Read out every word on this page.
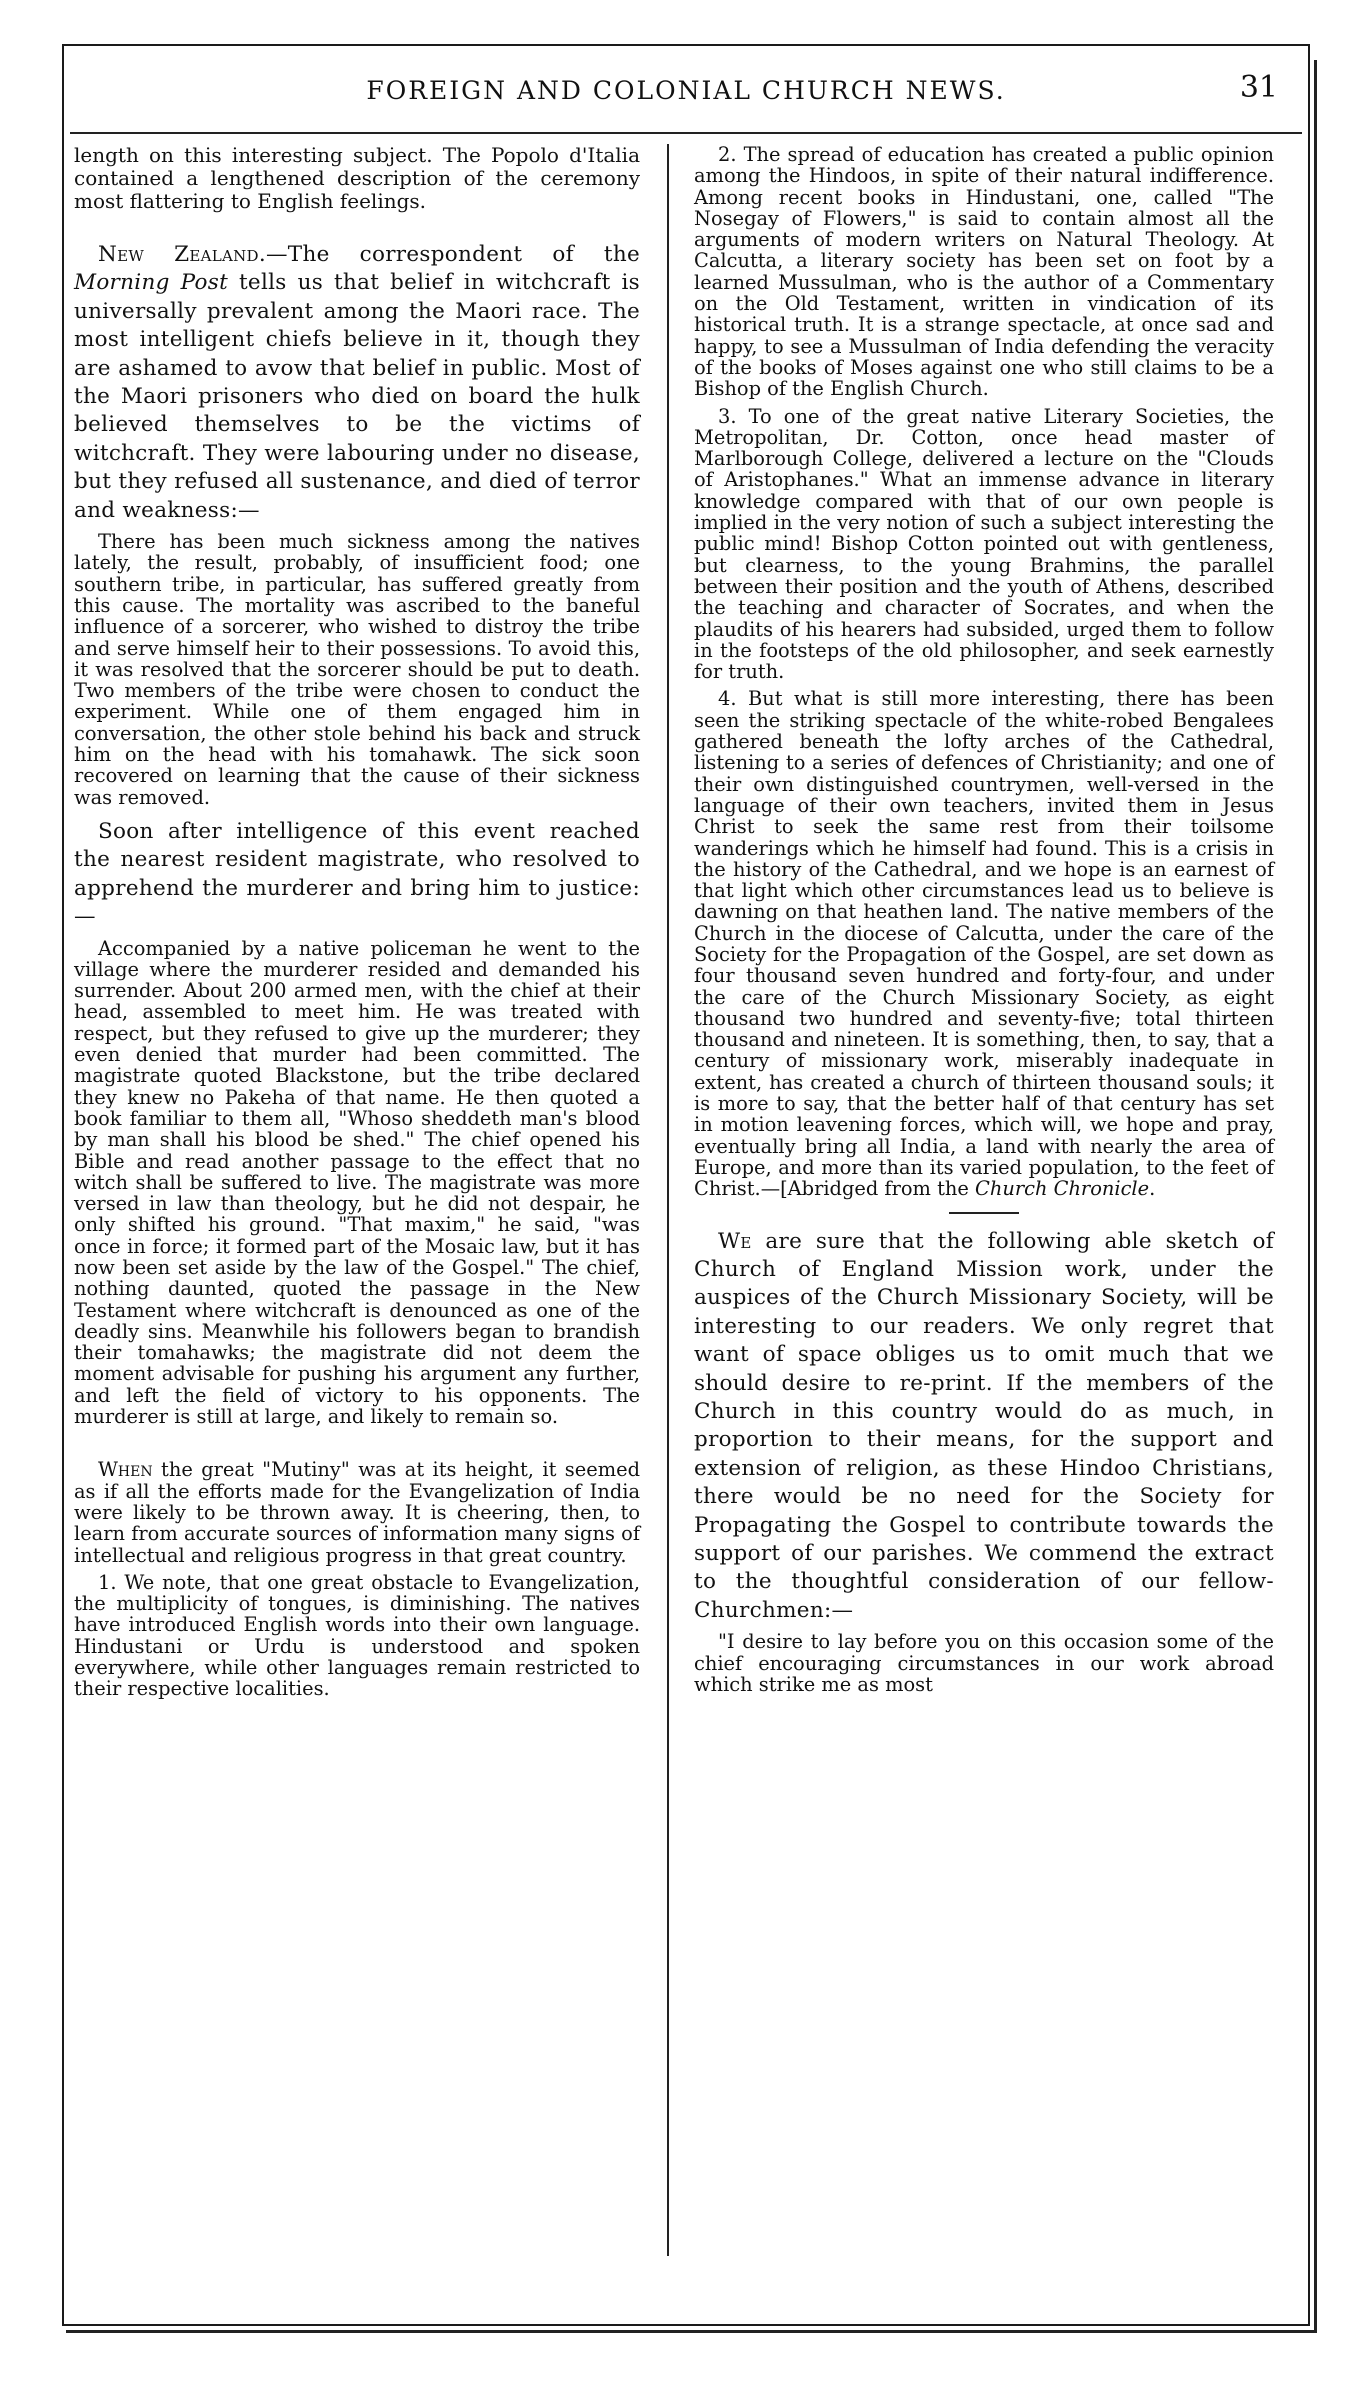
FOREIGN AND COLONIAL CHURCH NEWS.	31

length on this interesting subject. The Popolo d'Italia contained a lengthened description of the ceremony most flattering to English feelings.

New Zealand.—The correspondent of the Morning Post tells us that belief in witchcraft is universally prevalent among the Maori race. The most intelligent chiefs believe in it, though they are ashamed to avow that belief in public. Most of the Maori prisoners who died on board the hulk believed themselves to be the victims of witchcraft. They were labouring under no disease, but they refused all sustenance, and died of terror and weakness:—

There has been much sickness among the natives lately, the result, probably, of insufficient food; one southern tribe, in particular, has suffered greatly from this cause. The mortality was ascribed to the baneful influence of a sorcerer, who wished to distroy the tribe and serve himself heir to their possessions. To avoid this, it was resolved that the sorcerer should be put to death. Two members of the tribe were chosen to conduct the experiment. While one of them engaged him in conversation, the other stole behind his back and struck him on the head with his tomahawk. The sick soon recovered on learning that the cause of their sickness was removed.

Soon after intelligence of this event reached the nearest resident magistrate, who resolved to apprehend the murderer and bring him to justice:—

Accompanied by a native policeman he went to the village where the murderer resided and demanded his surrender. About 200 armed men, with the chief at their head, assembled to meet him. He was treated with respect, but they refused to give up the murderer; they even denied that murder had been committed. The magistrate quoted Blackstone, but the tribe declared they knew no Pakeha of that name. He then quoted a book familiar to them all, "Whoso sheddeth man's blood by man shall his blood be shed." The chief opened his Bible and read another passage to the effect that no witch shall be suffered to live. The magistrate was more versed in law than theology, but he did not despair, he only shifted his ground. "That maxim," he said, "was once in force; it formed part of the Mosaic law, but it has now been set aside by the law of the Gospel." The chief, nothing daunted, quoted the passage in the New Testament where witchcraft is denounced as one of the deadly sins. Meanwhile his followers began to brandish their tomahawks; the magistrate did not deem the moment advisable for pushing his argument any further, and left the field of victory to his opponents. The murderer is still at large, and likely to remain so.

When the great "Mutiny" was at its height, it seemed as if all the efforts made for the Evangelization of India were likely to be thrown away. It is cheering, then, to learn from accurate sources of information many signs of intellectual and religious progress in that great country.

1. We note, that one great obstacle to Evangelization, the multiplicity of tongues, is diminishing. The natives have introduced English words into their own language. Hindustani or Urdu is understood and spoken everywhere, while other languages remain restricted to their respective localities.

2. The spread of education has created a public opinion among the Hindoos, in spite of their natural indifference. Among recent books in Hindustani, one, called "The Nosegay of Flowers," is said to contain almost all the arguments of modern writers on Natural Theology. At Calcutta, a literary society has been set on foot by a learned Mussulman, who is the author of a Commentary on the Old Testament, written in vindication of its historical truth. It is a strange spectacle, at once sad and happy, to see a Mussulman of India defending the veracity of the books of Moses against one who still claims to be a Bishop of the English Church.

3. To one of the great native Literary Societies, the Metropolitan, Dr. Cotton, once head master of Marlborough College, delivered a lecture on the "Clouds of Aristophanes." What an immense advance in literary knowledge compared with that of our own people is implied in the very notion of such a subject interesting the public mind! Bishop Cotton pointed out with gentleness, but clearness, to the young Brahmins, the parallel between their position and the youth of Athens, described the teaching and character of Socrates, and when the plaudits of his hearers had subsided, urged them to follow in the footsteps of the old philosopher, and seek earnestly for truth.

4. But what is still more interesting, there has been seen the striking spectacle of the white-robed Bengalees gathered beneath the lofty arches of the Cathedral, listening to a series of defences of Christianity; and one of their own distinguished countrymen, well-versed in the language of their own teachers, invited them in Jesus Christ to seek the same rest from their toilsome wanderings which he himself had found. This is a crisis in the history of the Cathedral, and we hope is an earnest of that light which other circumstances lead us to believe is dawning on that heathen land. The native members of the Church in the diocese of Calcutta, under the care of the Society for the Propagation of the Gospel, are set down as four thousand seven hundred and forty-four, and under the care of the Church Missionary Society, as eight thousand two hundred and seventy-five; total thirteen thousand and nineteen. It is something, then, to say, that a century of missionary work, miserably inadequate in extent, has created a church of thirteen thousand souls; it is more to say, that the better half of that century has set in motion leavening forces, which will, we hope and pray, eventually bring all India, a land with nearly the area of Europe, and more than its varied population, to the feet of Christ.—[Abridged from the Church Chronicle.

We are sure that the following able sketch of Church of England Mission work, under the auspices of the Church Missionary Society, will be interesting to our readers. We only regret that want of space obliges us to omit much that we should desire to re-print. If the members of the Church in this country would do as much, in proportion to their means, for the support and extension of religion, as these Hindoo Christians, there would be no need for the Society for Propagating the Gospel to contribute towards the support of our parishes. We commend the extract to the thoughtful consideration of our fellow-Churchmen:—

"I desire to lay before you on this occasion some of the chief encouraging circumstances in our work abroad which strike me as most
